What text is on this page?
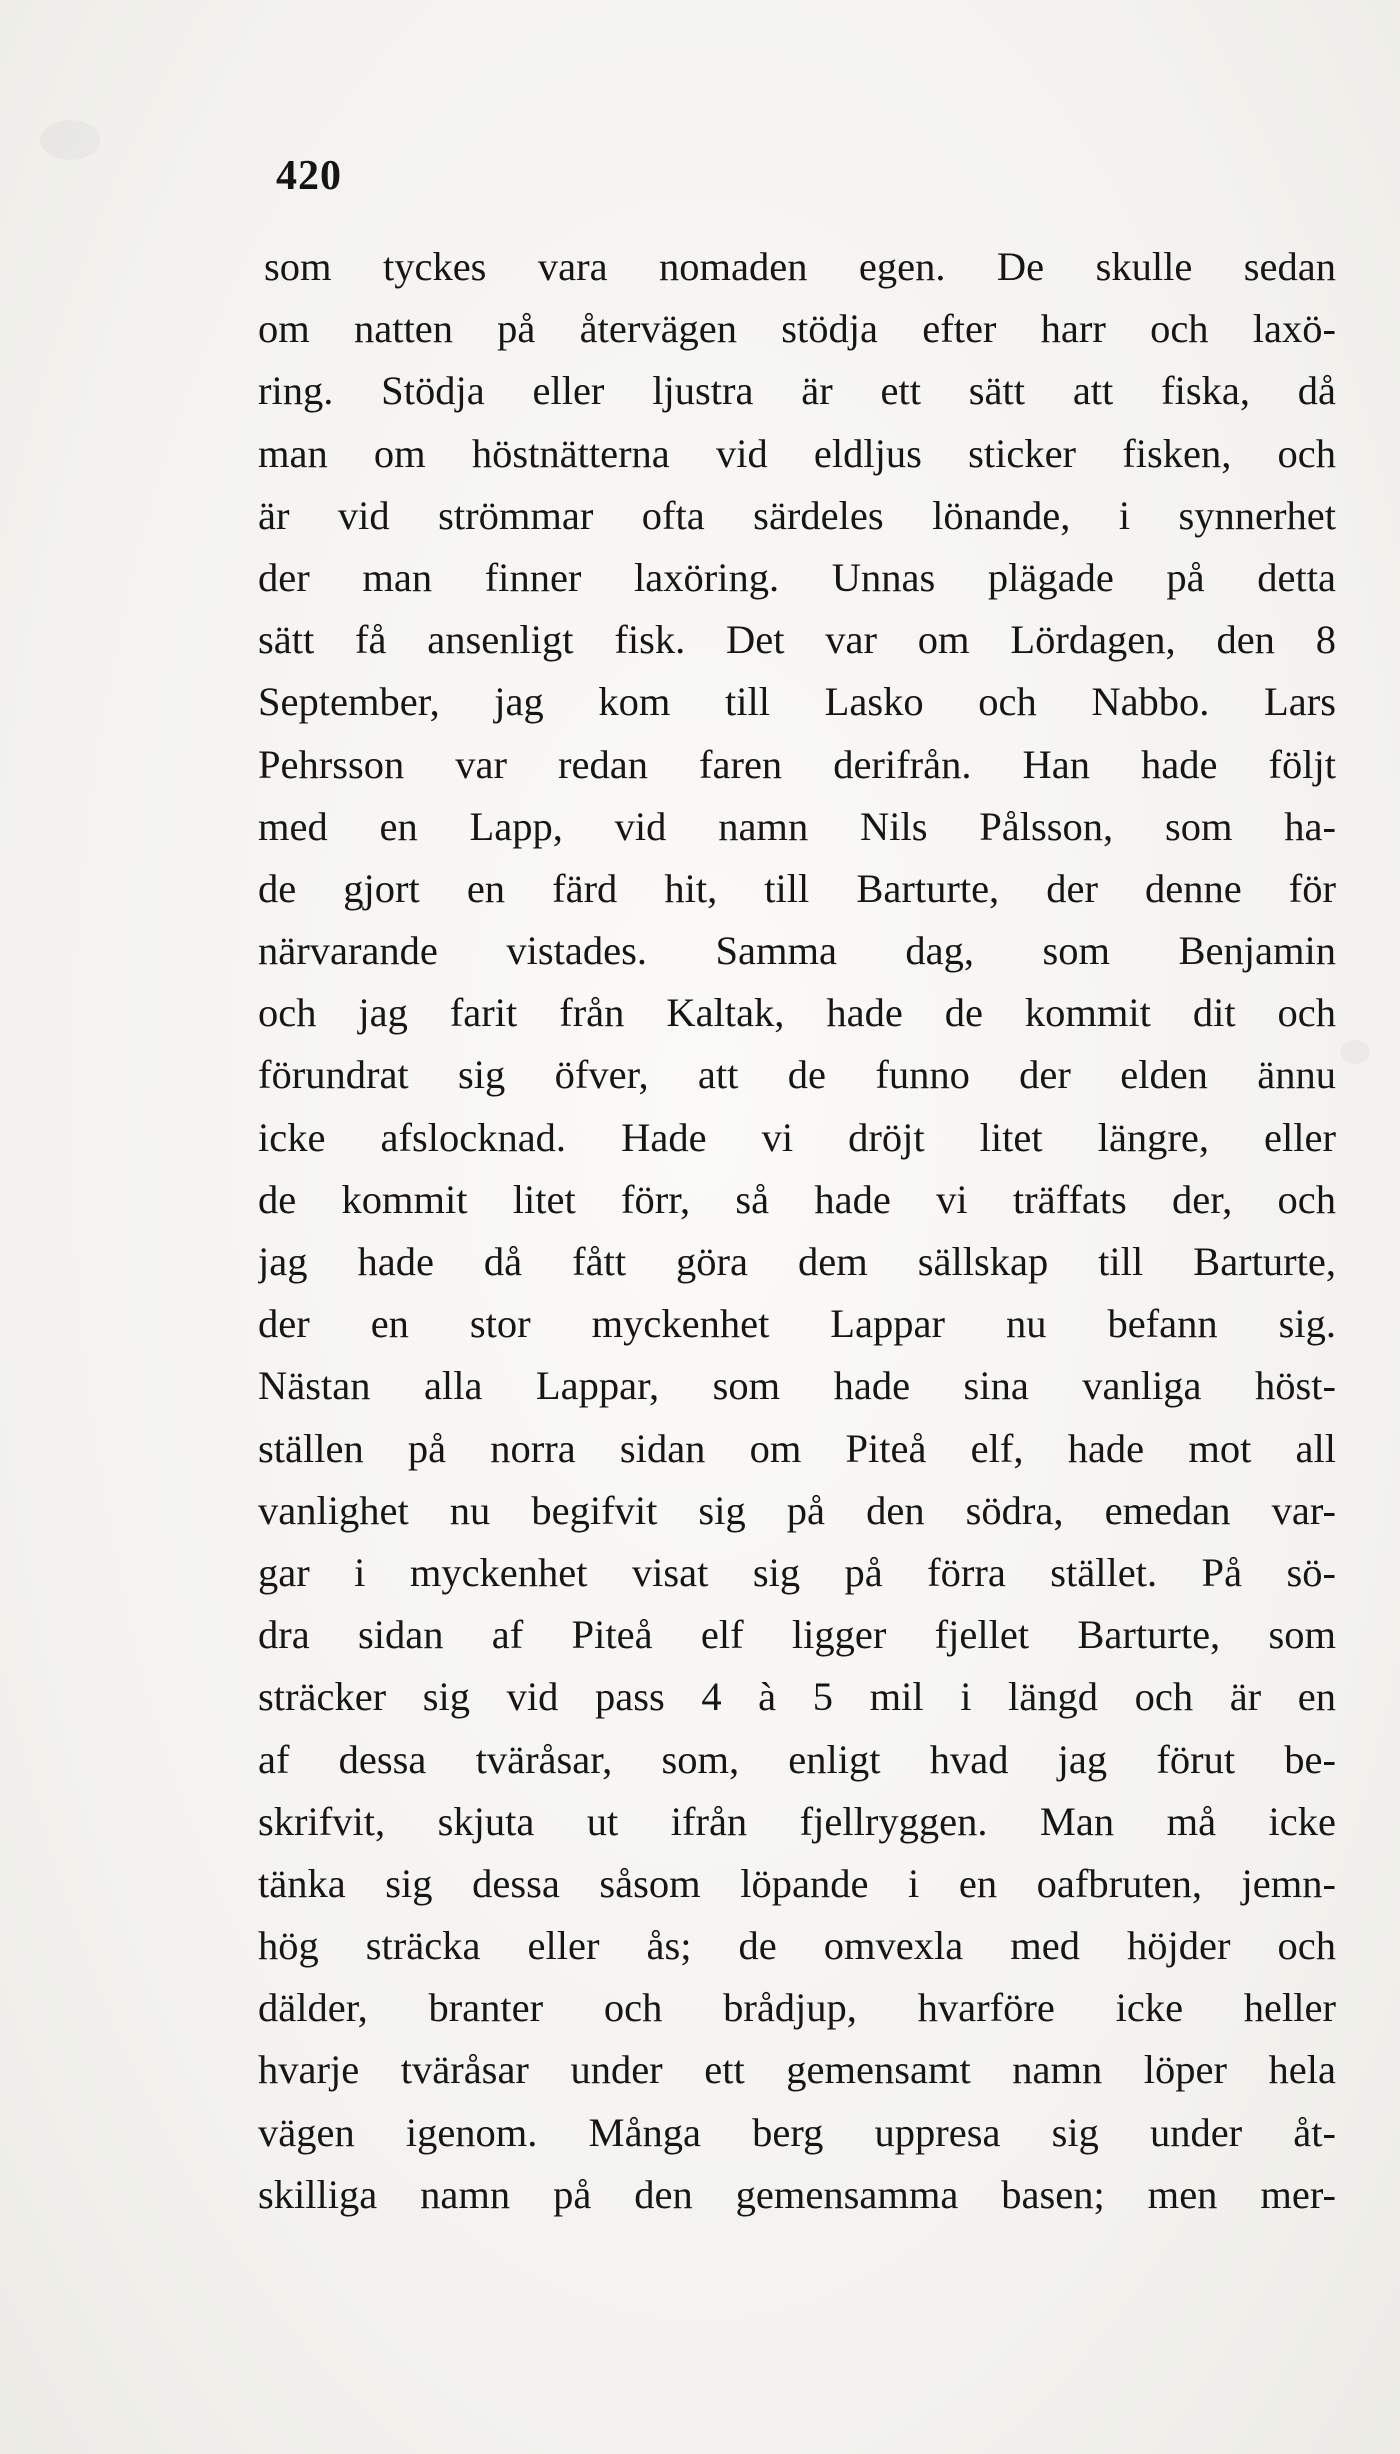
420
som tyckes vara nomaden egen. De skulle sedan
om natten på återvägen stödja efter harr och laxö-
ring. Stödja eller ljustra är ett sätt att fiska, då
man om höstnätterna vid eldljus sticker fisken, och
är vid strömmar ofta särdeles lönande, i synnerhet
der man finner laxöring. Unnas plägade på detta
sätt få ansenligt fisk. Det var om Lördagen, den 8
September, jag kom till Lasko och Nabbo. Lars
Pehrsson var redan faren derifrån. Han hade följt
med en Lapp, vid namn Nils Pålsson, som ha-
de gjort en färd hit, till Barturte, der denne för
närvarande vistades. Samma dag, som Benjamin
och jag farit från Kaltak, hade de kommit dit och
förundrat sig öfver, att de funno der elden ännu
icke afslocknad. Hade vi dröjt litet längre, eller
de kommit litet förr, så hade vi träffats der, och
jag hade då fått göra dem sällskap till Barturte,
der en stor myckenhet Lappar nu befann sig.
Nästan alla Lappar, som hade sina vanliga höst-
ställen på norra sidan om Piteå elf, hade mot all
vanlighet nu begifvit sig på den södra, emedan var-
gar i myckenhet visat sig på förra stället. På sö-
dra sidan af Piteå elf ligger fjellet Barturte, som
sträcker sig vid pass 4 à 5 mil i längd och är en
af dessa tväråsar, som, enligt hvad jag förut be-
skrifvit, skjuta ut ifrån fjellryggen. Man må icke
tänka sig dessa såsom löpande i en oafbruten, jemn-
hög sträcka eller ås; de omvexla med höjder och
dälder, branter och brådjup, hvarföre icke heller
hvarje tväråsar under ett gemensamt namn löper hela
vägen igenom. Många berg uppresa sig under åt-
skilliga namn på den gemensamma basen; men mer-
